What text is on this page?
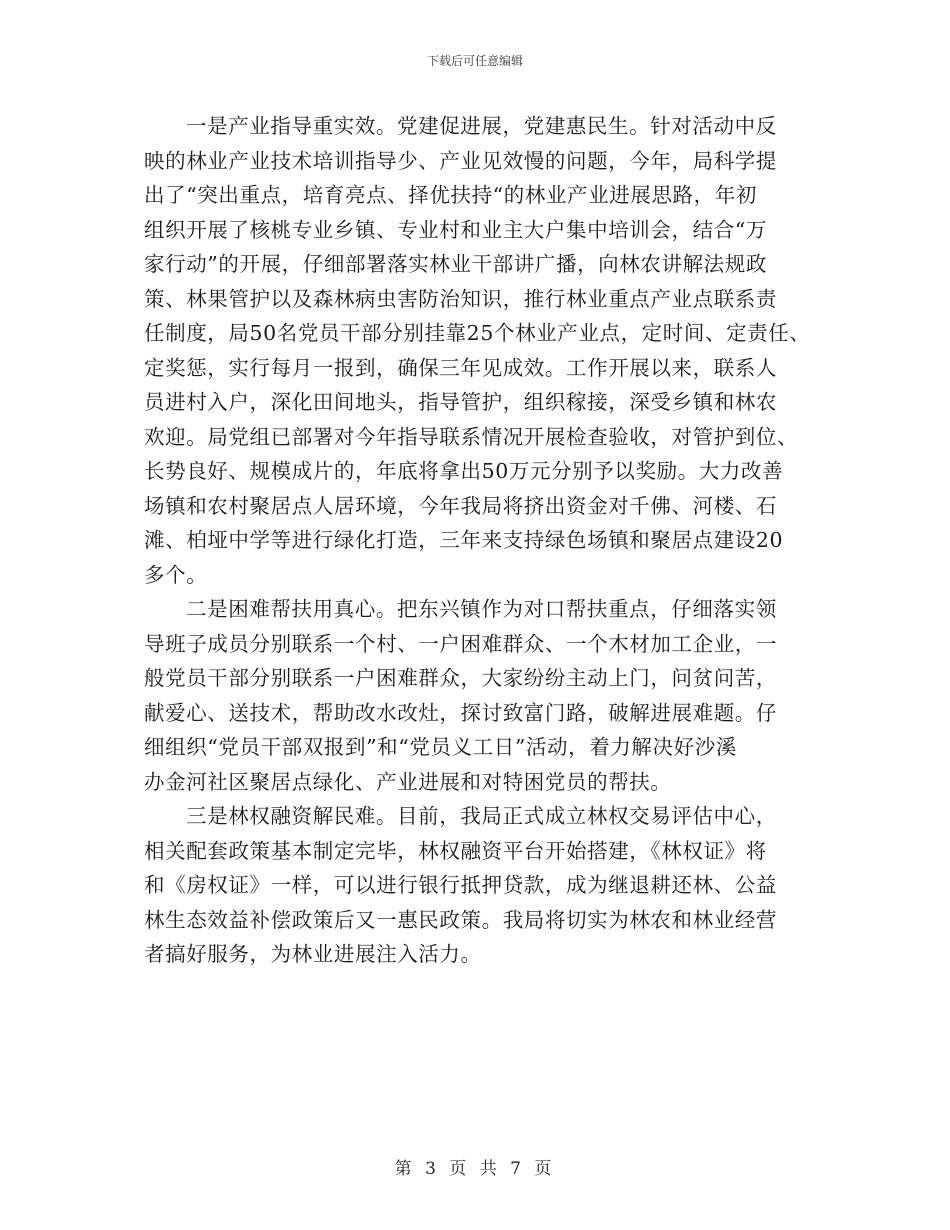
下载后可任意编辑
一是产业指导重实效。党建促进展，党建惠民生。针对活动中反
映的林业产业技术培训指导少、产业见效慢的问题，今年，局科学提
出了“突出重点，培育亮点、择优扶持“的林业产业进展思路，年初
组织开展了核桃专业乡镇、专业村和业主大户集中培训会，结合“万
家行动”的开展，仔细部署落实林业干部讲广播，向林农讲解法规政
策、林果管护以及森林病虫害防治知识，推行林业重点产业点联系责
任制度，局50名党员干部分别挂靠25个林业产业点，定时间、定责任、
定奖惩，实行每月一报到，确保三年见成效。工作开展以来，联系人
员进村入户，深化田间地头，指导管护，组织稼接，深受乡镇和林农
欢迎。局党组已部署对今年指导联系情况开展检查验收，对管护到位、
长势良好、规模成片的，年底将拿出50万元分别予以奖励。大力改善
场镇和农村聚居点人居环境，今年我局将挤出资金对千佛、河楼、石
滩、柏垭中学等进行绿化打造，三年来支持绿色场镇和聚居点建设20
多个。
二是困难帮扶用真心。把东兴镇作为对口帮扶重点，仔细落实领
导班子成员分别联系一个村、一户困难群众、一个木材加工企业，一
般党员干部分别联系一户困难群众，大家纷纷主动上门，问贫问苦，
献爱心、送技术，帮助改水改灶，探讨致富门路，破解进展难题。仔
细组织“党员干部双报到”和“党员义工日”活动，着力解决好沙溪
办金河社区聚居点绿化、产业进展和对特困党员的帮扶。
三是林权融资解民难。目前，我局正式成立林权交易评估中心，
相关配套政策基本制定完毕，林权融资平台开始搭建，《林权证》将
和《房权证》一样，可以进行银行抵押贷款，成为继退耕还林、公益
林生态效益补偿政策后又一惠民政策。我局将切实为林农和林业经营
者搞好服务，为林业进展注入活力。
第 3 页 共 7 页
